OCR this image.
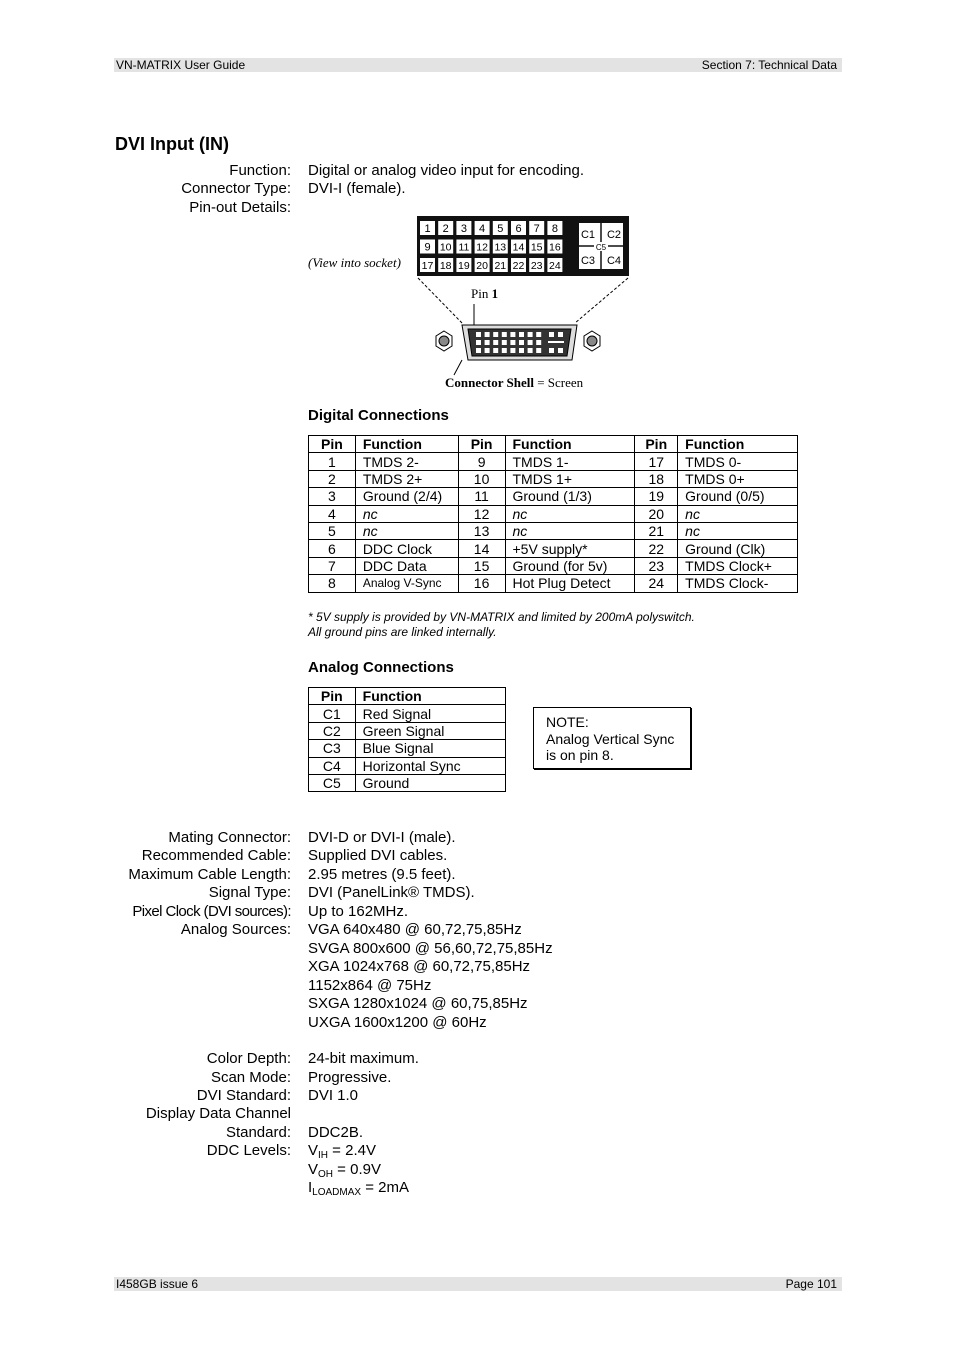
VN-MATRIX User Guide	Section 7: Technical Data
I458GB issue 6	Page 101
DVI Input (IN)
Function: Digital or analog video input for encoding.
Connector Type: DVI-I (female).
Pin-out Details:
1 2 3 4 5 6 7 8
9 10 11 12 13 14 15 16
17 18 19 20 21 22 23 24
C1 C2
C5
C3 C4
(View into socket)
Pin 1
Connector Shell = Screen
Digital Connections
Pin	Function	Pin	Function	Pin	Function
1	TMDS 2-	9	TMDS 1-	17	TMDS 0-
2	TMDS 2+	10	TMDS 1+	18	TMDS 0+
3	Ground (2/4)	11	Ground (1/3)	19	Ground (0/5)
4	nc	12	nc	20	nc
5	nc	13	nc	21	nc
6	DDC Clock	14	+5V supply*	22	Ground (Clk)
7	DDC Data	15	Ground (for 5v)	23	TMDS Clock+
8	Analog V-Sync	16	Hot Plug Detect	24	TMDS Clock-
* 5V supply is provided by VN-MATRIX and limited by 200mA polyswitch.
All ground pins are linked internally.
Analog Connections
Pin	Function
C1	Red Signal
C2	Green Signal
C3	Blue Signal
C4	Horizontal Sync
C5	Ground
NOTE:
Analog Vertical Sync
is on pin 8.
Mating Connector: DVI-D or DVI-I (male).
Recommended Cable: Supplied DVI cables.
Maximum Cable Length: 2.95 metres (9.5 feet).
Signal Type: DVI (PanelLink® TMDS).
Pixel Clock (DVI sources): Up to 162MHz.
Analog Sources: VGA 640x480 @ 60,72,75,85Hz
SVGA 800x600 @ 56,60,72,75,85Hz
XGA 1024x768 @ 60,72,75,85Hz
1152x864 @ 75Hz
SXGA 1280x1024 @ 60,75,85Hz
UXGA 1600x1200 @ 60Hz
Color Depth: 24-bit maximum.
Scan Mode: Progressive.
DVI Standard: DVI 1.0
Display Data Channel
Standard: DDC2B.
DDC Levels: $V_{IH} = 2.4V$
$V_{OH} = 0.9V$
$I_{LOADMAX} = 2mA$
